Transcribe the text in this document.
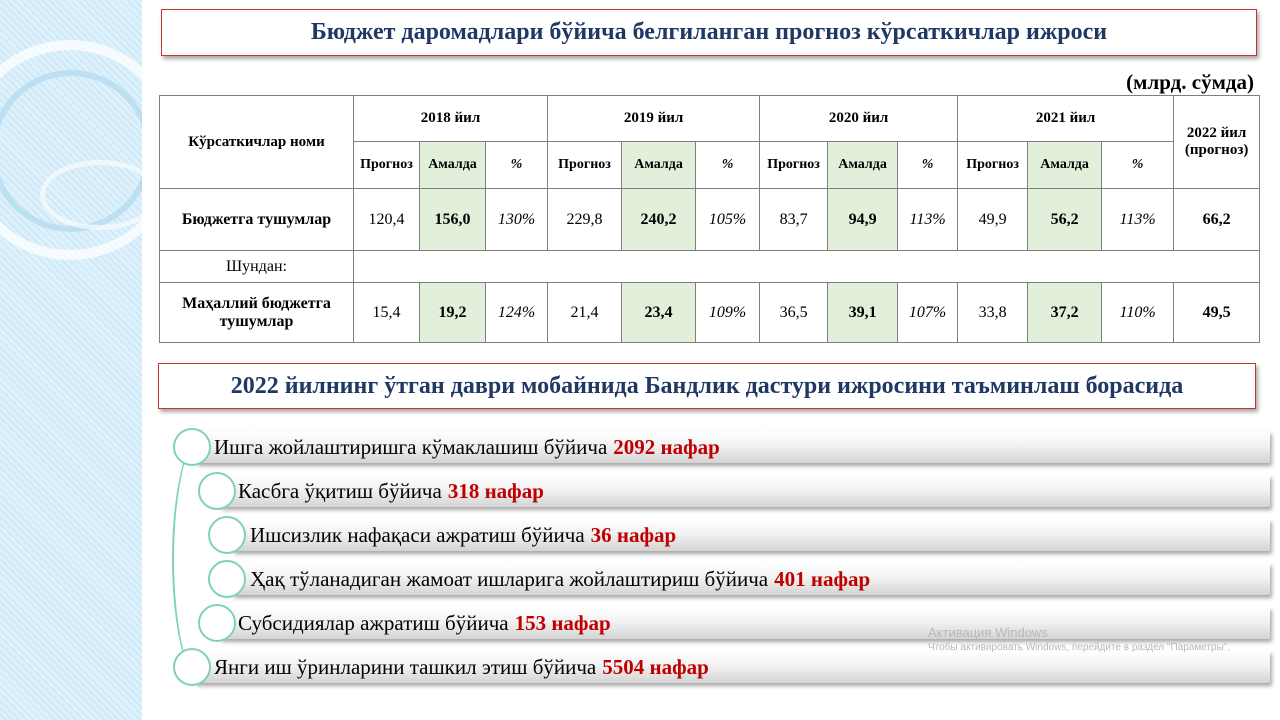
Бюджет даромадлари бўйича белгиланган прогноз кўрсаткичлар ижроси
(млрд. сўмда)
Кўрсаткичлар номи	2018 йил			2019 йил			2020 йил			2021 йил			2022 йил (прогноз)
	Прогноз	Амалда	%	Прогноз	Амалда	%	Прогноз	Амалда	%	Прогноз	Амалда	%	
Бюджетга тушумлар	120,4	156,0	130%	229,8	240,2	105%	83,7	94,9	113%	49,9	56,2	113%	66,2
Шундан:													
Маҳаллий бюджетга тушумлар	15,4	19,2	124%	21,4	23,4	109%	36,5	39,1	107%	33,8	37,2	110%	49,5
2022 йилнинг ўтган даври мобайнида Бандлик дастури ижросини таъминлаш борасида
Ишга жойлаштиришга кўмаклашиш бўйича 2092 нафар
Касбга ўқитиш бўйича 318 нафар
Ишсизлик нафақаси ажратиш бўйича 36 нафар
Ҳақ тўланадиган жамоат ишларига жойлаштириш бўйича 401 нафар
Субсидиялар ажратиш бўйича 153 нафар
Янги иш ўринларини ташкил этиш бўйича 5504 нафар
Активация Windows
Чтобы активировать Windows, перейдите в раздел "Параметры".
